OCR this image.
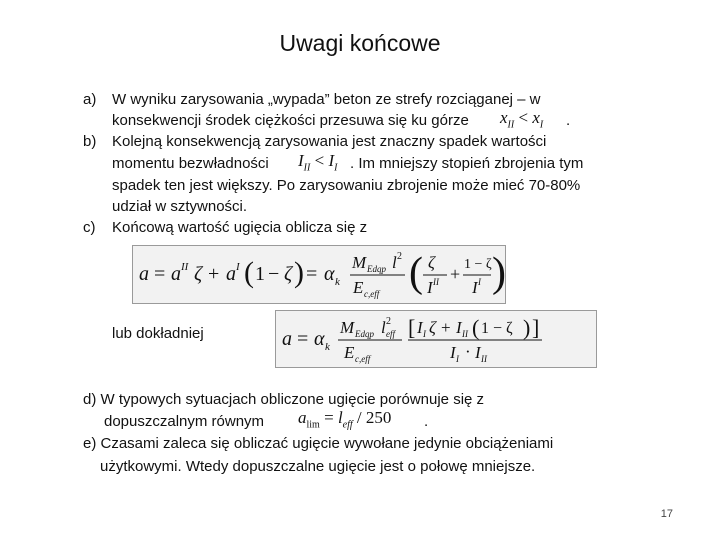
Uwagi końcowe
a) W wyniku zarysowania „wypada” beton ze strefy rozciąganej – w
konsekwencji środek ciężkości przesuwa się ku górze $x_{II} < x_I$ .
b) Kolejną konsekwencją zarysowania jest znaczny spadek wartości
momentu bezwładności $I_{II} < I_I$ . Im mniejszy stopień zbrojenia tym
spadek ten jest większy. Po zarysowaniu zbrojenie może mieć 70-80%
udział w sztywności.
c) Końcową wartość ugięcia oblicza się z
a = a II ζ + a I ( 1 − ζ ) = α k
M Edqp l 2
E c,eff ( ζ
I II + 1 − ζ
I I )
lub dokładniej	a = α k
M Edqp l 2
eff
E c,eff
[ I I ζ + I II ( 1 − ζ ) ]
I I · I II
d) W typowych sytuacjach obliczone ugięcie porównuje się z
dopuszczalnym równym $a_{lim} = l_{eff} / 250$ .
e) Czasami zaleca się obliczać ugięcie wywołane jedynie obciążeniami
użytkowymi. Wtedy dopuszczalne ugięcie jest o połowę mniejsze.
17
